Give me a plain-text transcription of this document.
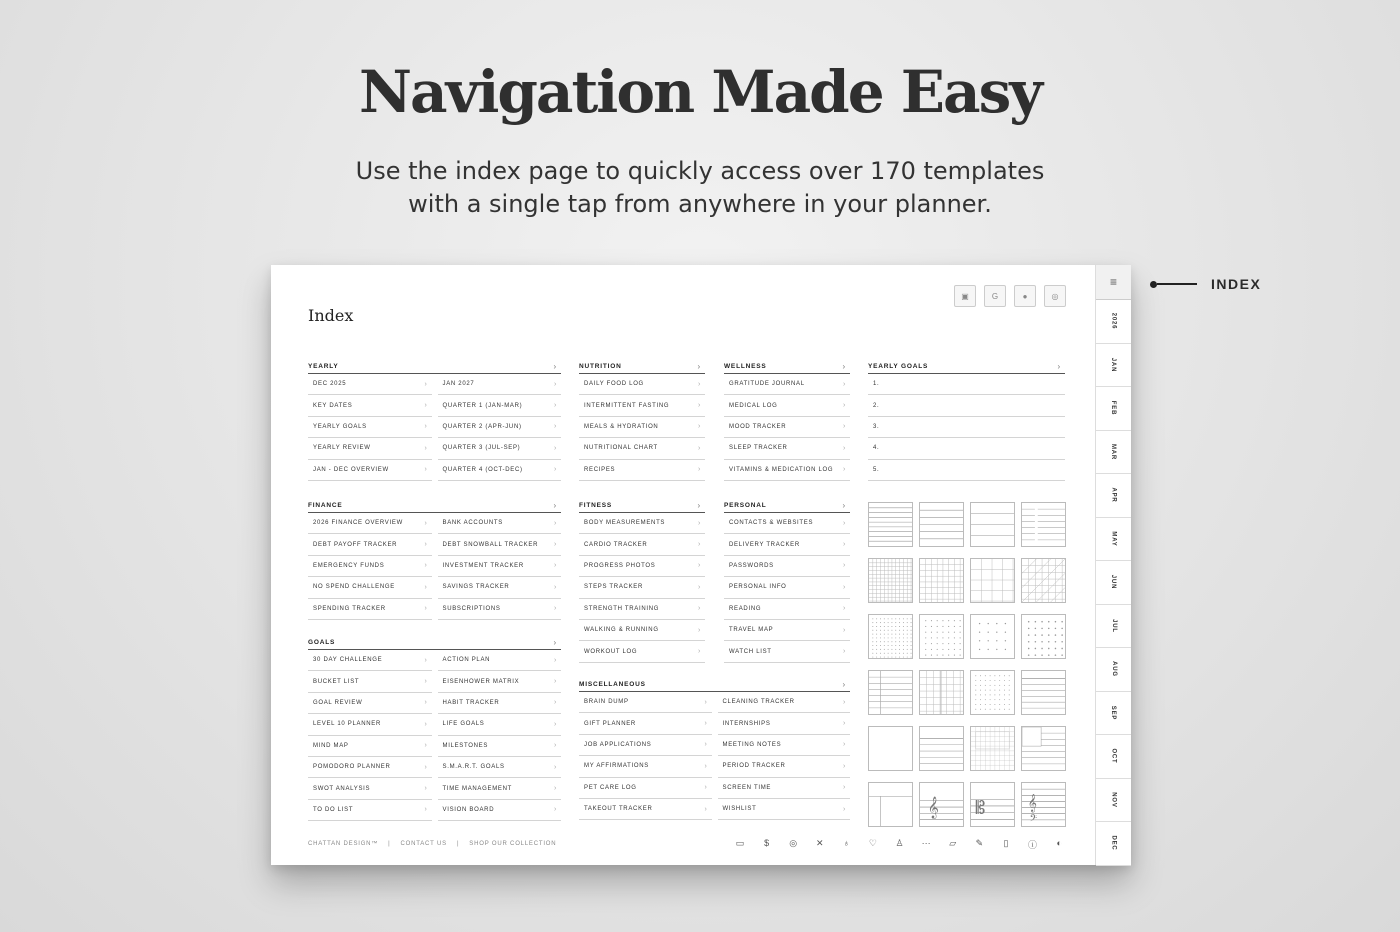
Navigation Made Easy
Use the index page to quickly access over 170 templates
with a single tap from anywhere in your planner.
INDEX
Index
▣	G	●	◎
YEARLY	›
DEC 2025	›	JAN 2027	›
KEY DATES	›	QUARTER 1 (JAN-MAR)	›
YEARLY GOALS	›	QUARTER 2 (APR-JUN)	›
YEARLY REVIEW	›	QUARTER 3 (JUL-SEP)	›
JAN - DEC OVERVIEW	›	QUARTER 4 (OCT-DEC)	›
FINANCE	›
2026 FINANCE OVERVIEW	›	BANK ACCOUNTS	›
DEBT PAYOFF TRACKER	›	DEBT SNOWBALL TRACKER ›
EMERGENCY FUNDS	›	INVESTMENT TRACKER	›
NO SPEND CHALLENGE	›	SAVINGS TRACKER	›
SPENDING TRACKER	›	SUBSCRIPTIONS	›
GOALS	›
30 DAY CHALLENGE	›	ACTION PLAN	›
BUCKET LIST	›	EISENHOWER MATRIX	›
GOAL REVIEW	›	HABIT TRACKER	›
LEVEL 10 PLANNER	›	LIFE GOALS	›
MIND MAP	›	MILESTONES	›
POMODORO PLANNER	›	S.M.A.R.T. GOALS	›
SWOT ANALYSIS	›	TIME MANAGEMENT	›
TO DO LIST	›	VISION BOARD	›
NUTRITION	›
DAILY FOOD LOG	›
INTERMITTENT FASTING	›
MEALS & HYDRATION	›
NUTRITIONAL CHART	›
RECIPES	›
FITNESS	›
BODY MEASUREMENTS	›
CARDIO TRACKER	›
PROGRESS PHOTOS	›
STEPS TRACKER	›
STRENGTH TRAINING	›
WALKING & RUNNING	›
WORKOUT LOG	›
WELLNESS	›
GRATITUDE JOURNAL	›
MEDICAL LOG	›
MOOD TRACKER	›
SLEEP TRACKER	›
VITAMINS & MEDICATION LOG ›
PERSONAL	›
CONTACTS & WEBSITES	›
DELIVERY TRACKER	›
PASSWORDS	›
PERSONAL INFO	›
READING	›
TRAVEL MAP	›
WATCH LIST	›
MISCELLANEOUS	›
BRAIN DUMP	›	CLEANING TRACKER	›
GIFT PLANNER	›	INTERNSHIPS	›
JOB APPLICATIONS	›	MEETING NOTES	›
MY AFFIRMATIONS	›	PERIOD TRACKER	›
PET CARE LOG	›	SCREEN TIME	›
TAKEOUT TRACKER	›	WISHLIST	›
YEARLY GOALS	›
1.
2.
3.
4.
5.
𝄞 𝄡	𝄞
𝄢
CHATTAN DESIGN™ | CONTACT US | SHOP OUR COLLECTION	▭	$	◎ ✕ ♁ ♡ ♙ ··· ▱ ✎	▯	ⓘ	◐
≡
2026
JAN
FEB
MAR
APR
MAY
JUN
JUL
AUG
SEP
OCT
NOV
DEC
